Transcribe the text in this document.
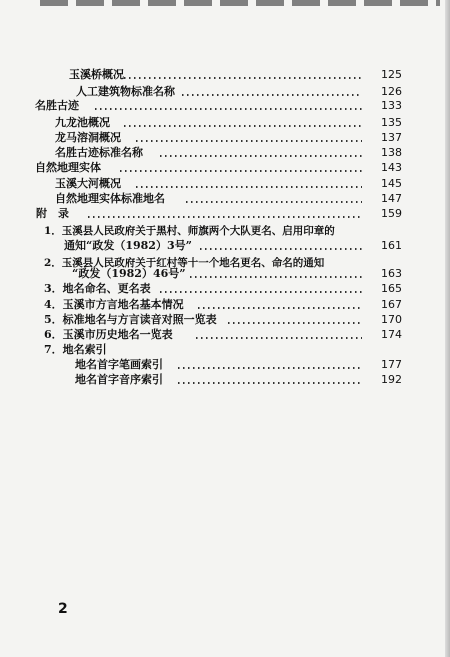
玉溪桥概况	125
人工建筑物标准名称	126
名胜古迹	133
九龙池概况	135
龙马溶洞概况	137
名胜古迹标准名称	138
自然地理实体	143
玉溪大河概况	145
自然地理实体标准地名	147
附　录	159
1．玉溪县人民政府关于黑村、师旗两个大队更名、启用印章的
通知“政发（1982）3号”	161
2．玉溪县人民政府关于红村等十一个地名更名、命名的通知
“政发（1982）46号”	163
3．地名命名、更名表	165
4．玉溪市方言地名基本情况	167
5．标准地名与方言读音对照一览表	170
6．玉溪市历史地名一览表	174
7．地名索引
地名首字笔画索引	177
地名首字音序索引	192
2
